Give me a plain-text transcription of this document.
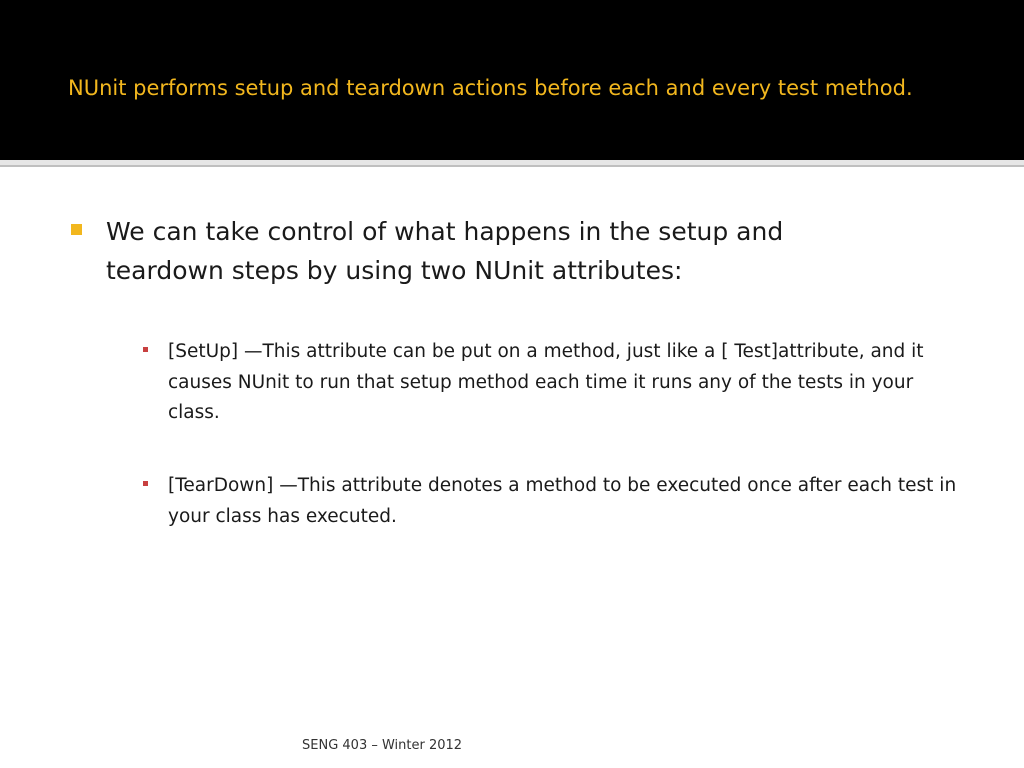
NUnit performs setup and teardown actions before each and every test method.
We can take control of what happens in the setup and teardown steps by using two NUnit attributes:
[SetUp] —This attribute can be put on a method, just like a [ Test]attribute, and it causes NUnit to run that setup method each time it runs any of the tests in your class.
[TearDown] —This attribute denotes a method to be executed once after each test in your class has executed.
SENG 403 – Winter 2012
